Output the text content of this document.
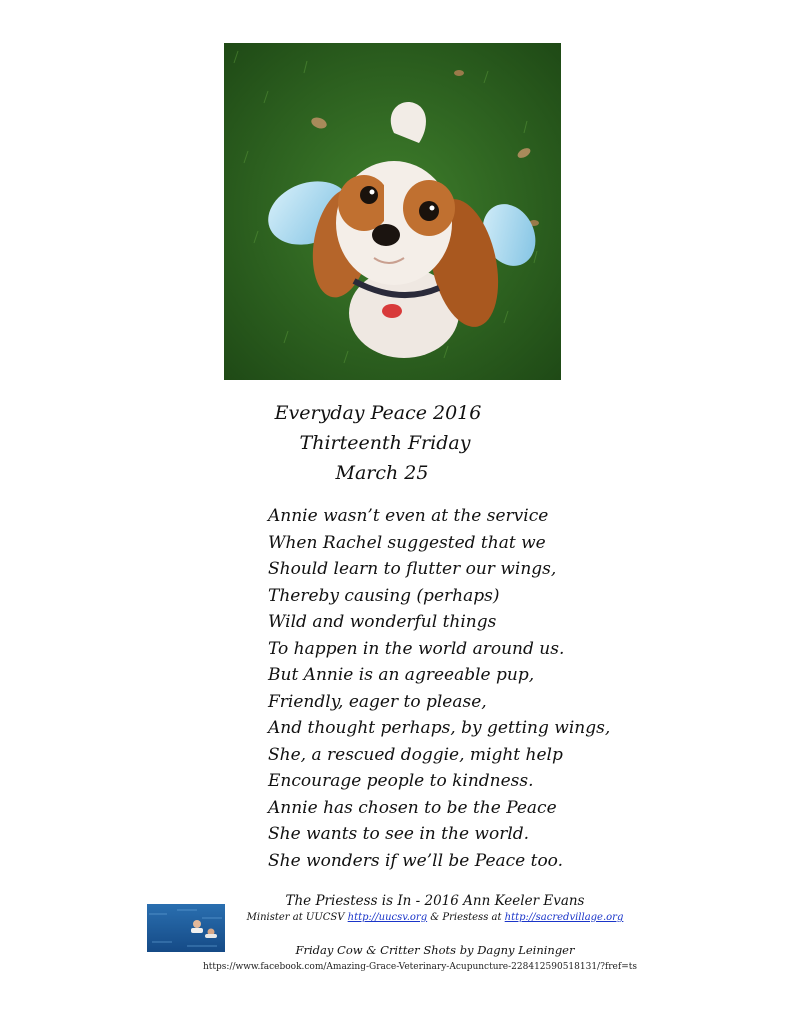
Everyday Peace 2016
Thirteenth Friday
March 25
Annie wasn’t even at the service
When Rachel suggested that we
Should learn to flutter our wings,
Thereby causing (perhaps)
Wild and wonderful things
To happen in the world around us.
But Annie is an agreeable pup,
Friendly, eager to please,
And thought perhaps, by getting wings,
She, a rescued doggie, might help
Encourage people to kindness.
Annie has chosen to be the Peace
She wants to see in the world.
She wonders if we’ll be Peace too.
The Priestess is In - 2016 Ann Keeler Evans
Minister at UUCSV http://uucsv.org & Priestess at http://sacredvillage.org
Friday Cow & Critter Shots by Dagny Leininger
https://www.facebook.com/Amazing-Grace-Veterinary-Acupuncture-228412590518131/?fref=ts
